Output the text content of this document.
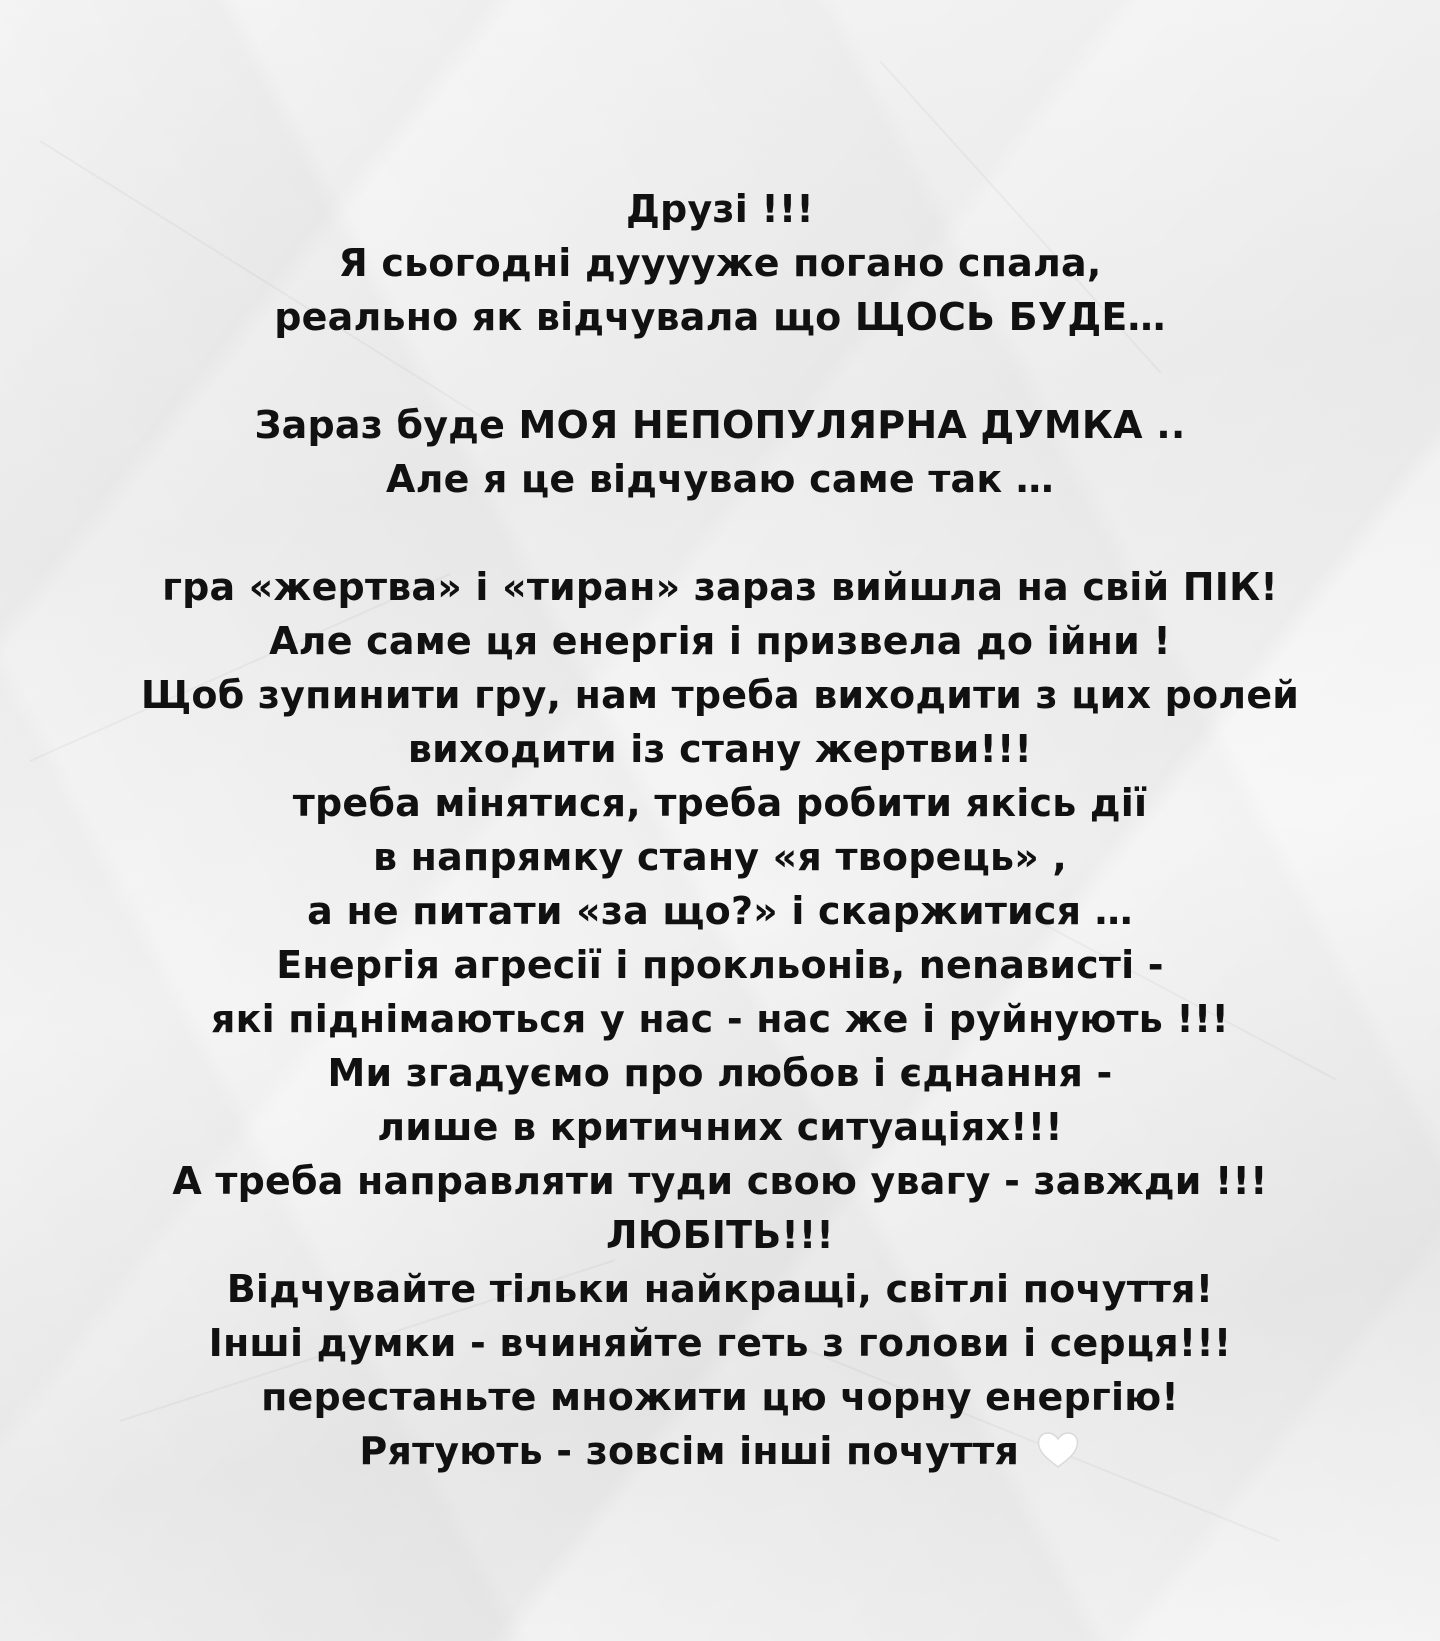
Друзі !!!
Я сьогодні дууууже погано спала,
реально як відчувала що ЩОСЬ БУДЕ…
Зараз буде МОЯ НЕПОПУЛЯРНА ДУМКА ..
Але я це відчуваю саме так …
гра «жертва» і «тиран» зараз вийшла на свій ПІК!
Але саме ця енергія і призвела до ійни !
Щоб зупинити гру, нам треба виходити з цих ролей
виходити із стану жертви!!!
треба мінятися, треба робити якісь дії
в напрямку стану «я творець» ,
а не питати «за що?» і скаржитися …
Енергія агресії і прокльонів, nenависті -
які піднімаються у нас - нас же і руйнують !!!
Ми згадуємо про любов і єднання -
лише в критичних ситуаціях!!!
А треба направляти туди свою увагу - завжди !!!
ЛЮБІТЬ!!!
Відчувайте тільки найкращі, світлі почуття!
Інші думки - вчиняйте геть з голови і серця!!!
перестаньте множити цю чорну енергію!
Рятують - зовсім інші почуття
